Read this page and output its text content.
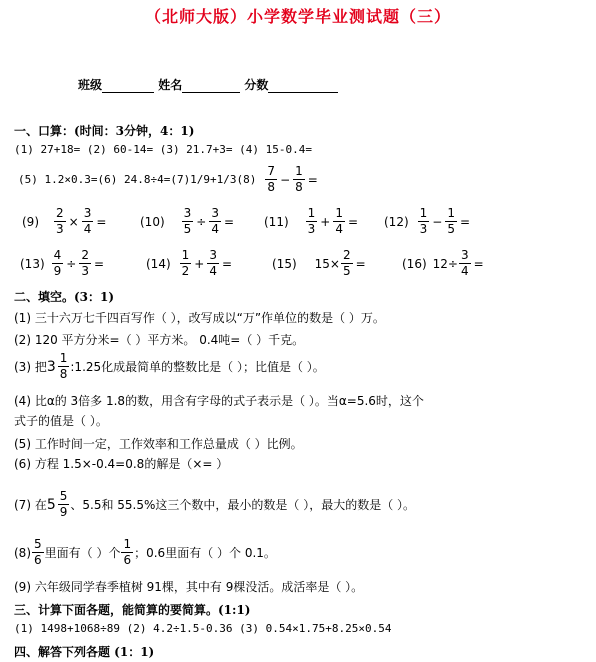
（北师大版）小学数学毕业测试题（三）
班级	姓名	分数
一、口算：(时间：3分钟，4：1)
(1) 27+18= (2) 60-14= (3) 21.7+3= (4) 15-0.4=
(5) 1.2×0.3=(6) $24.8\div 4=(7)1/9+1/3(8) \frac{7}{8} - \frac{1}{8}$ =
$(9) \frac{2}{3} \times \frac{3}{4}$ =	$(10) \frac{3}{5} \div \frac{3}{4} = (11) \frac{1}{3} + \frac{1}{4} = (12) \frac{1}{3} - \frac{1}{5}$ =
$(13) \frac{4}{9} \div \frac{2}{3}$ =	$(14) \frac{1}{2} + \frac{3}{4}$ =	(15) $15\times \frac{2}{5}$ =	(16) $12\div \frac{3}{4}$ =
二、填空。(3：1)
(1) 三十六万七千四百写作（ ），改写成以“万”作单位的数是（ ）万。
(2) 120 平方分米=（ ）平方米。 0.4吨=（ ）千克。
(3) 把 $3 \frac{1}{8}$ :1.25化成最简单的整数比是（ ）；比值是（ ）。
(4) 比α的 3倍多 1.8的数，用含有字母的式子表示是（ ）。当α=5.6时，这个
式子的值是（ ）。
(5) 工作时间一定，工作效率和工作总量成（ ）比例。
(6) 方程 1.5×-0.4=0.8的解是（×= ）
(7) 在 $5 \frac{5}{9}$ 、5.5和 55.5%这三个数中，最小的数是（ ），最大的数是（ ）。
$(8) \frac{5}{6}$ 里面有（ ）个 $\frac{1}{6}$ ；0.6里面有（ ）个 0.1。
(9) 六年级同学春季植树 91棵，其中有 9棵没活。成活率是（ ）。
三、计算下面各题，能简算的要简算。(1:1)
(1) 1498+1068÷89 (2) 4.2÷1.5-0.36 (3) 0.54×1.75+8.25×0.54
四、解答下列各题 (1：1)
